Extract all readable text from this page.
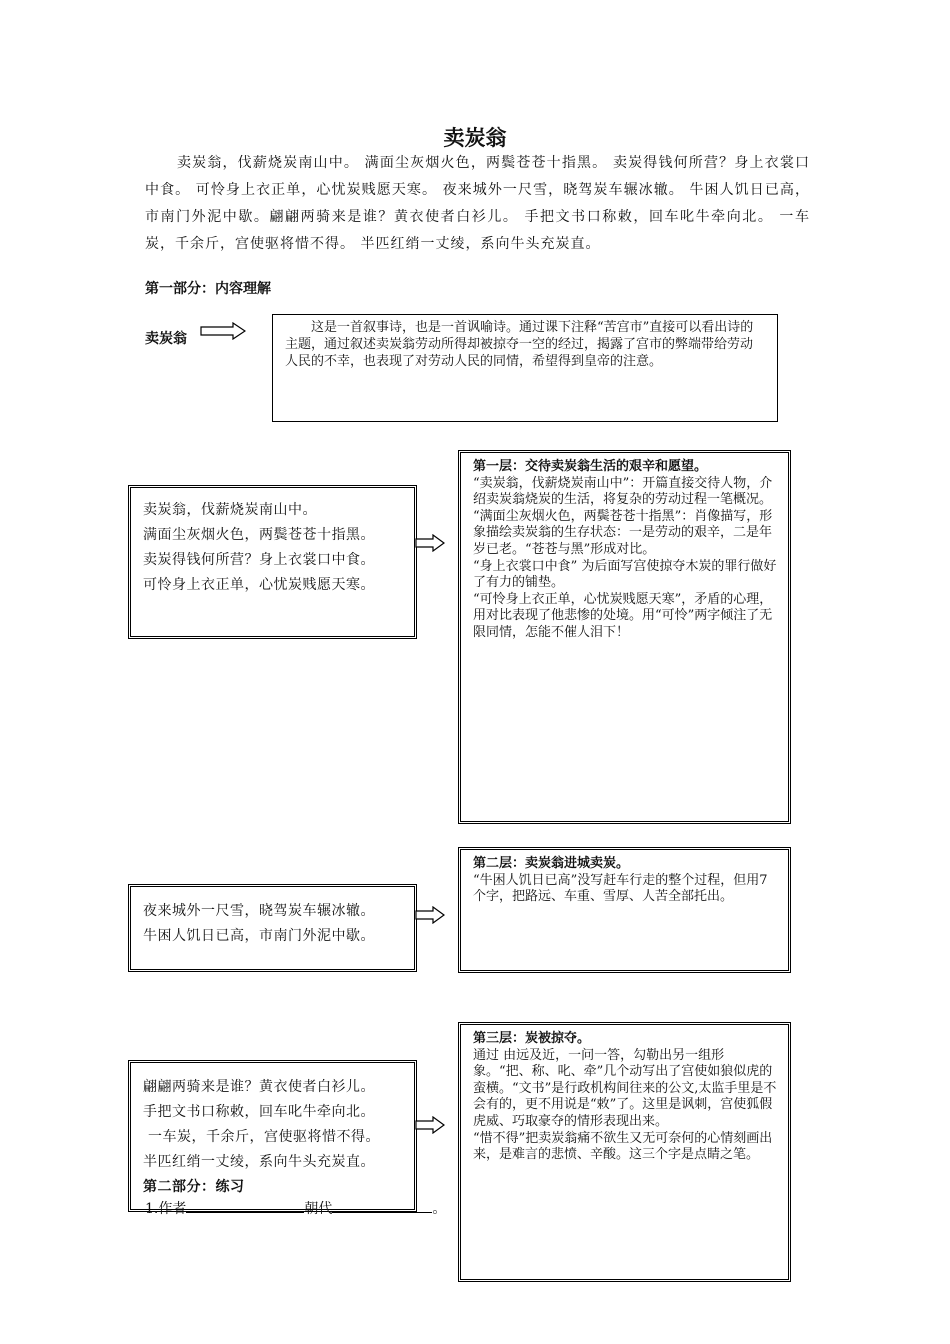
卖炭翁
卖炭翁，伐薪烧炭南山中。 满面尘灰烟火色，两鬓苍苍十指黑。 卖炭得钱何所营？身上衣裳口中食。 可怜身上衣正单，心忧炭贱愿天寒。 夜来城外一尺雪，晓驾炭车辗冰辙。 牛困人饥日已高，市南门外泥中歇。翩翩两骑来是谁？黄衣使者白衫儿。 手把文书口称敕，回车叱牛牵向北。 一车炭，千余斤，宫使驱将惜不得。 半匹红绡一丈绫，系向牛头充炭直。
第一部分：内容理解
卖炭翁
这是一首叙事诗，也是一首讽喻诗。通过课下注释“苦宫市”直接可以看出诗的主题，通过叙述卖炭翁劳动所得却被掠夺一空的经过，揭露了宫市的弊端带给劳动人民的不幸，也表现了对劳动人民的同情，希望得到皇帝的注意。
卖炭翁，伐薪烧炭南山中。
满面尘灰烟火色，两鬓苍苍十指黑。
卖炭得钱何所营？身上衣裳口中食。
可怜身上衣正单，心忧炭贱愿天寒。

第一层：交待卖炭翁生活的艰辛和愿望。

“卖炭翁，伐薪烧炭南山中”：开篇直接交待人物，介绍卖炭翁烧炭的生活，将复杂的劳动过程一笔概况。

“满面尘灰烟火色，两鬓苍苍十指黑”：肖像描写，形象描绘卖炭翁的生存状态：一是劳动的艰辛，二是年岁已老。“苍苍与黑”形成对比。

“身上衣裳口中食” 为后面写宫使掠夺木炭的罪行做好了有力的铺垫。

“可怜身上衣正单，心忧炭贱愿天寒”，矛盾的心理，用对比表现了他悲惨的处境。用“可怜”两字倾注了无限同情，怎能不催人泪下！

夜来城外一尺雪，晓驾炭车辗冰辙。
牛困人饥日已高，市南门外泥中歇。

第二层：卖炭翁进城卖炭。

“牛困人饥日已高”没写赶车行走的整个过程，但用7个字，把路远、车重、雪厚、人苦全部托出。

翩翩两骑来是谁？黄衣使者白衫儿。
手把文书口称敕，回车叱牛牵向北。
一车炭，千余斤，宫使驱将惜不得。
半匹红绡一丈绫，系向牛头充炭直。
第二部分：练习
1.作者	朝代	。

第三层：炭被掠夺。

通过 由远及近，一问一答，勾勒出另一组形象。“把、称、叱、牵”几个动写出了宫使如狼似虎的蛮横。“文书”是行政机构间往来的公文,太监手里是不会有的，更不用说是“敕”了。这里是讽刺，宫使狐假虎威、巧取豪夺的情形表现出来。

“惜不得”把卖炭翁痛不欲生又无可奈何的心情刻画出来，是难言的悲愤、辛酸。这三个字是点睛之笔。
